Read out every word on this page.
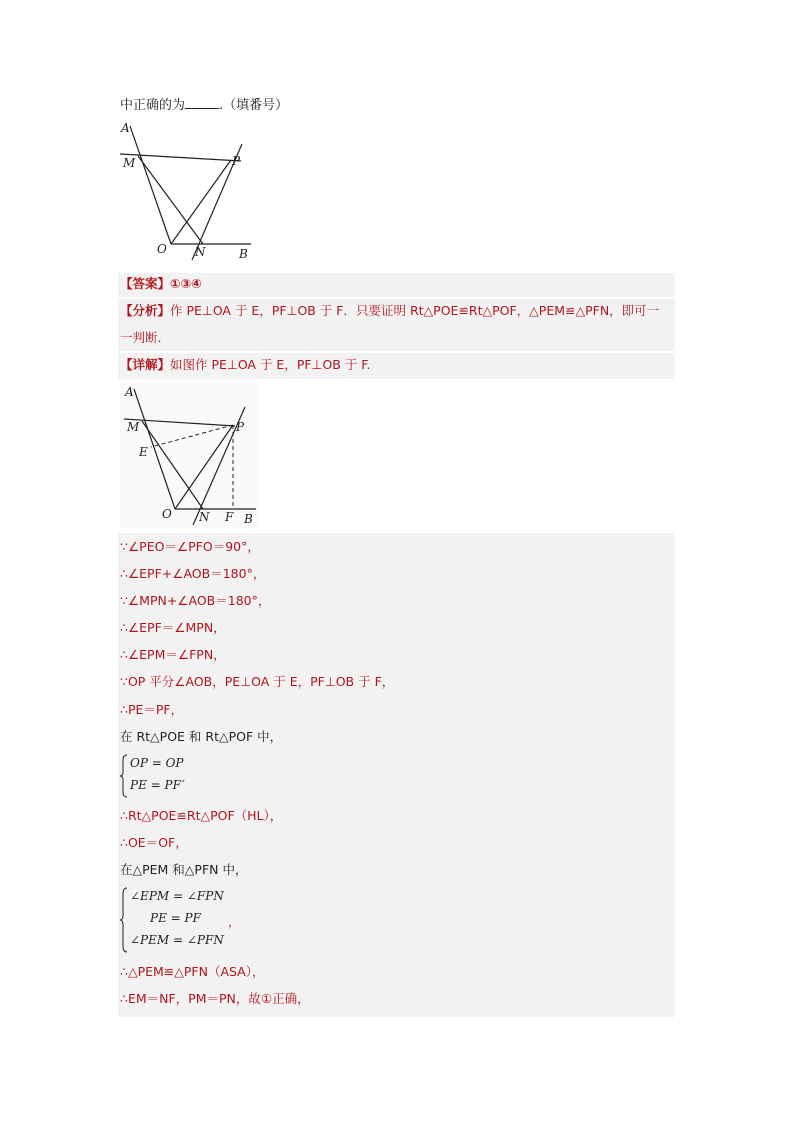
中正确的为	.（填番号）
A
M	P
O N	B
【答案】①③④
【分析】作 PE⊥OA 于 E，PF⊥OB 于 F．只要证明 Rt△POE≌Rt△POF，△PEM≌△PFN，即可一
一判断．
【详解】如图作 PE⊥OA 于 E，PF⊥OB 于 F.
A
M	P
E
O N F B
∵∠PEO＝∠PFO＝90°，
∴∠EPF+∠AOB＝180°，
∵∠MPN+∠AOB＝180°，
∴∠EPF＝∠MPN，
∴∠EPM＝∠FPN，
∵OP 平分∠AOB，PE⊥OA 于 E，PF⊥OB 于 F，
∴PE＝PF，
在 Rt△POE 和 Rt△POF 中，
OP = OP
PE = PF ′
∴Rt△POE≌Rt△POF（HL），
∴OE＝OF，
在△PEM 和△PFN 中，
∠EPM = ∠FPN
PE = PF
∠PEM = ∠PFN
，
∴△PEM≌△PFN（ASA），
∴EM＝NF，PM＝PN，故①正确，
